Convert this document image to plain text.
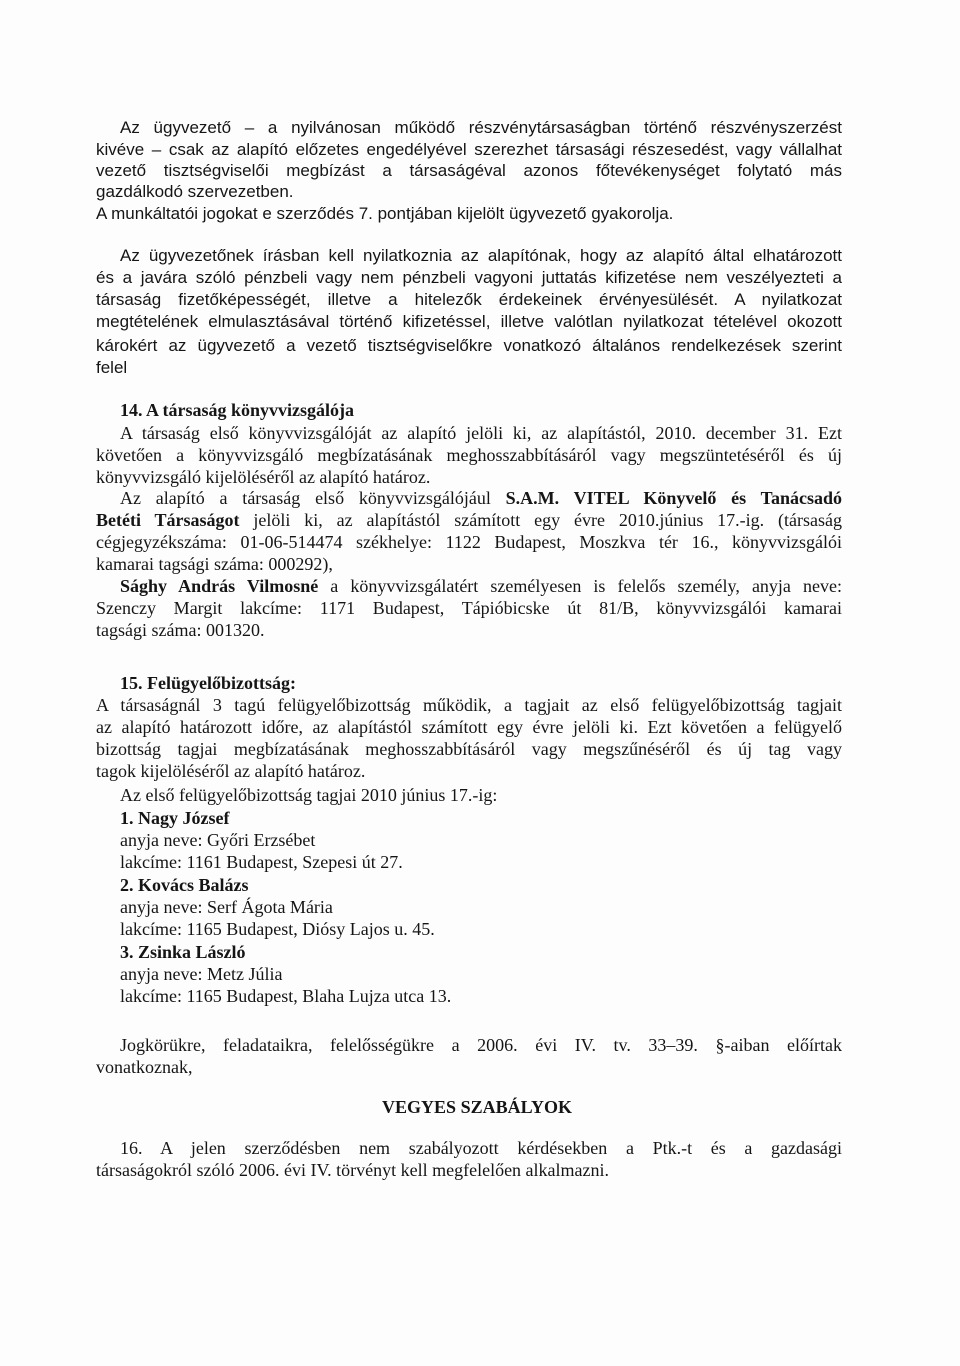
Az ügyvezető – a nyilvánosan működő részvénytársaságban történő részvényszerzést
kivéve – csak az alapító előzetes engedélyével szerezhet társasági részesedést, vagy vállalhat
vezető tisztségviselői megbízást a társaságéval azonos főtevékenységet folytató más
gazdálkodó szervezetben.
A munkáltatói jogokat e szerződés 7. pontjában kijelölt ügyvezető gyakorolja.
Az ügyvezetőnek írásban kell nyilatkoznia az alapítónak, hogy az alapító által elhatározott
és a javára szóló pénzbeli vagy nem pénzbeli vagyoni juttatás kifizetése nem veszélyezteti a
társaság fizetőképességét, illetve a hitelezők érdekeinek érvényesülését. A nyilatkozat
megtételének elmulasztásával történő kifizetéssel, illetve valótlan nyilatkozat tételével okozott
károkért az ügyvezető a vezető tisztségviselőkre vonatkozó általános rendelkezések szerint
felel
14. A társaság könyvvizsgálója
A társaság első könyvvizsgálóját az alapító jelöli ki, az alapítástól, 2010. december 31. Ezt
követően a könyvvizsgáló megbízatásának meghosszabbításáról vagy megszüntetéséről és új
könyvvizsgáló kijelöléséről az alapító határoz.
Az alapító a társaság első könyvvizsgálójául S.A.M. VITEL Könyvelő és Tanácsadó
Betéti Társaságot jelöli ki, az alapítástól számított egy évre 2010.június 17.-ig. (társaság
cégjegyzékszáma: 01-06-514474 székhelye: 1122 Budapest, Moszkva tér 16., könyvvizsgálói
kamarai tagsági száma: 000292),
Sághy András Vilmosné a könyvvizsgálatért személyesen is felelős személy, anyja neve:
Szenczy Margit lakcíme: 1171 Budapest, Tápióbicske út 81/B, könyvvizsgálói kamarai
tagsági száma: 001320.
15. Felügyelőbizottság:
A társaságnál 3 tagú felügyelőbizottság működik, a tagjait az első felügyelőbizottság tagjait
az alapító határozott időre, az alapítástól számított egy évre jelöli ki. Ezt követően a felügyelő
bizottság tagjai megbízatásának meghosszabbításáról vagy megszűnéséről és új tag vagy
tagok kijelöléséről az alapító határoz.
Az első felügyelőbizottság tagjai 2010 június 17.-ig:
1. Nagy József
anyja neve: Győri Erzsébet
lakcíme: 1161 Budapest, Szepesi út 27.
2. Kovács Balázs
anyja neve: Serf Ágota Mária
lakcíme: 1165 Budapest, Diósy Lajos u. 45.
3. Zsinka László
anyja neve: Metz Júlia
lakcíme: 1165 Budapest, Blaha Lujza utca 13.
Jogkörükre, feladataikra, felelősségükre a 2006. évi IV. tv. 33–39. §-aiban előírtak
vonatkoznak,
VEGYES SZABÁLYOK
16. A jelen szerződésben nem szabályozott kérdésekben a Ptk.-t és a gazdasági
társaságokról szóló 2006. évi IV. törvényt kell megfelelően alkalmazni.
